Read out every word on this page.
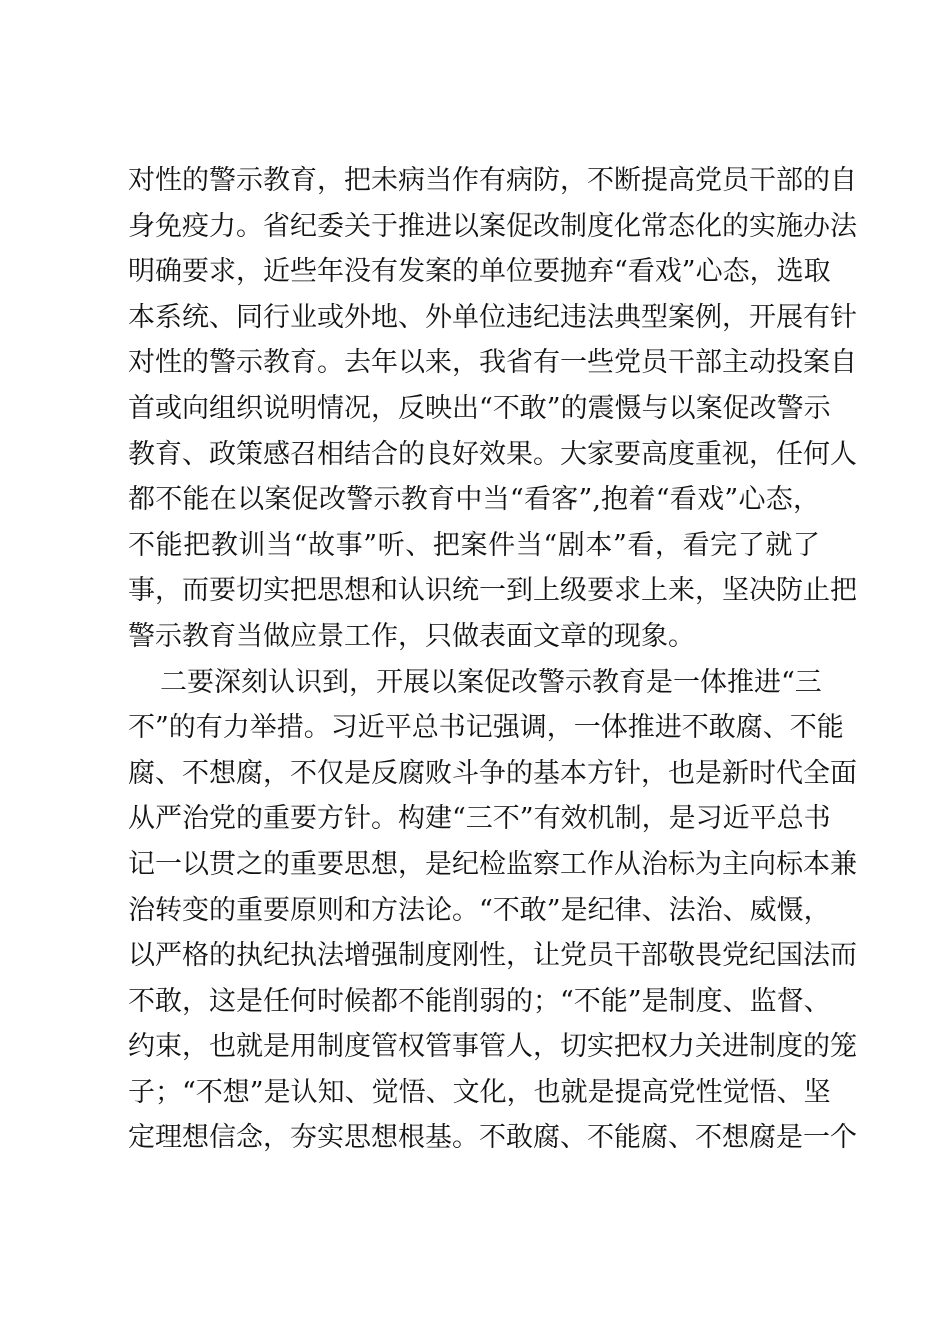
对性的警示教育，把未病当作有病防，不断提高党员干部的自
身免疫力。省纪委关于推进以案促改制度化常态化的实施办法
明确要求，近些年没有发案的单位要抛弃“看戏”心态，选取
本系统、同行业或外地、外单位违纪违法典型案例，开展有针
对性的警示教育。去年以来，我省有一些党员干部主动投案自
首或向组织说明情况，反映出“不敢”的震慑与以案促改警示
教育、政策感召相结合的良好效果。大家要高度重视，任何人
都不能在以案促改警示教育中当“看客”,抱着“看戏”心态，
不能把教训当“故事”听、把案件当“剧本”看，看完了就了
事，而要切实把思想和认识统一到上级要求上来，坚决防止把
警示教育当做应景工作，只做表面文章的现象。
二要深刻认识到，开展以案促改警示教育是一体推进“三
不”的有力举措。习近平总书记强调，一体推进不敢腐、不能
腐、不想腐，不仅是反腐败斗争的基本方针，也是新时代全面
从严治党的重要方针。构建“三不”有效机制，是习近平总书
记一以贯之的重要思想，是纪检监察工作从治标为主向标本兼
治转变的重要原则和方法论。“不敢”是纪律、法治、威慑，
以严格的执纪执法增强制度刚性，让党员干部敬畏党纪国法而
不敢，这是任何时候都不能削弱的；“不能”是制度、监督、
约束，也就是用制度管权管事管人，切实把权力关进制度的笼
子；“不想”是认知、觉悟、文化，也就是提高党性觉悟、坚
定理想信念，夯实思想根基。不敢腐、不能腐、不想腐是一个
